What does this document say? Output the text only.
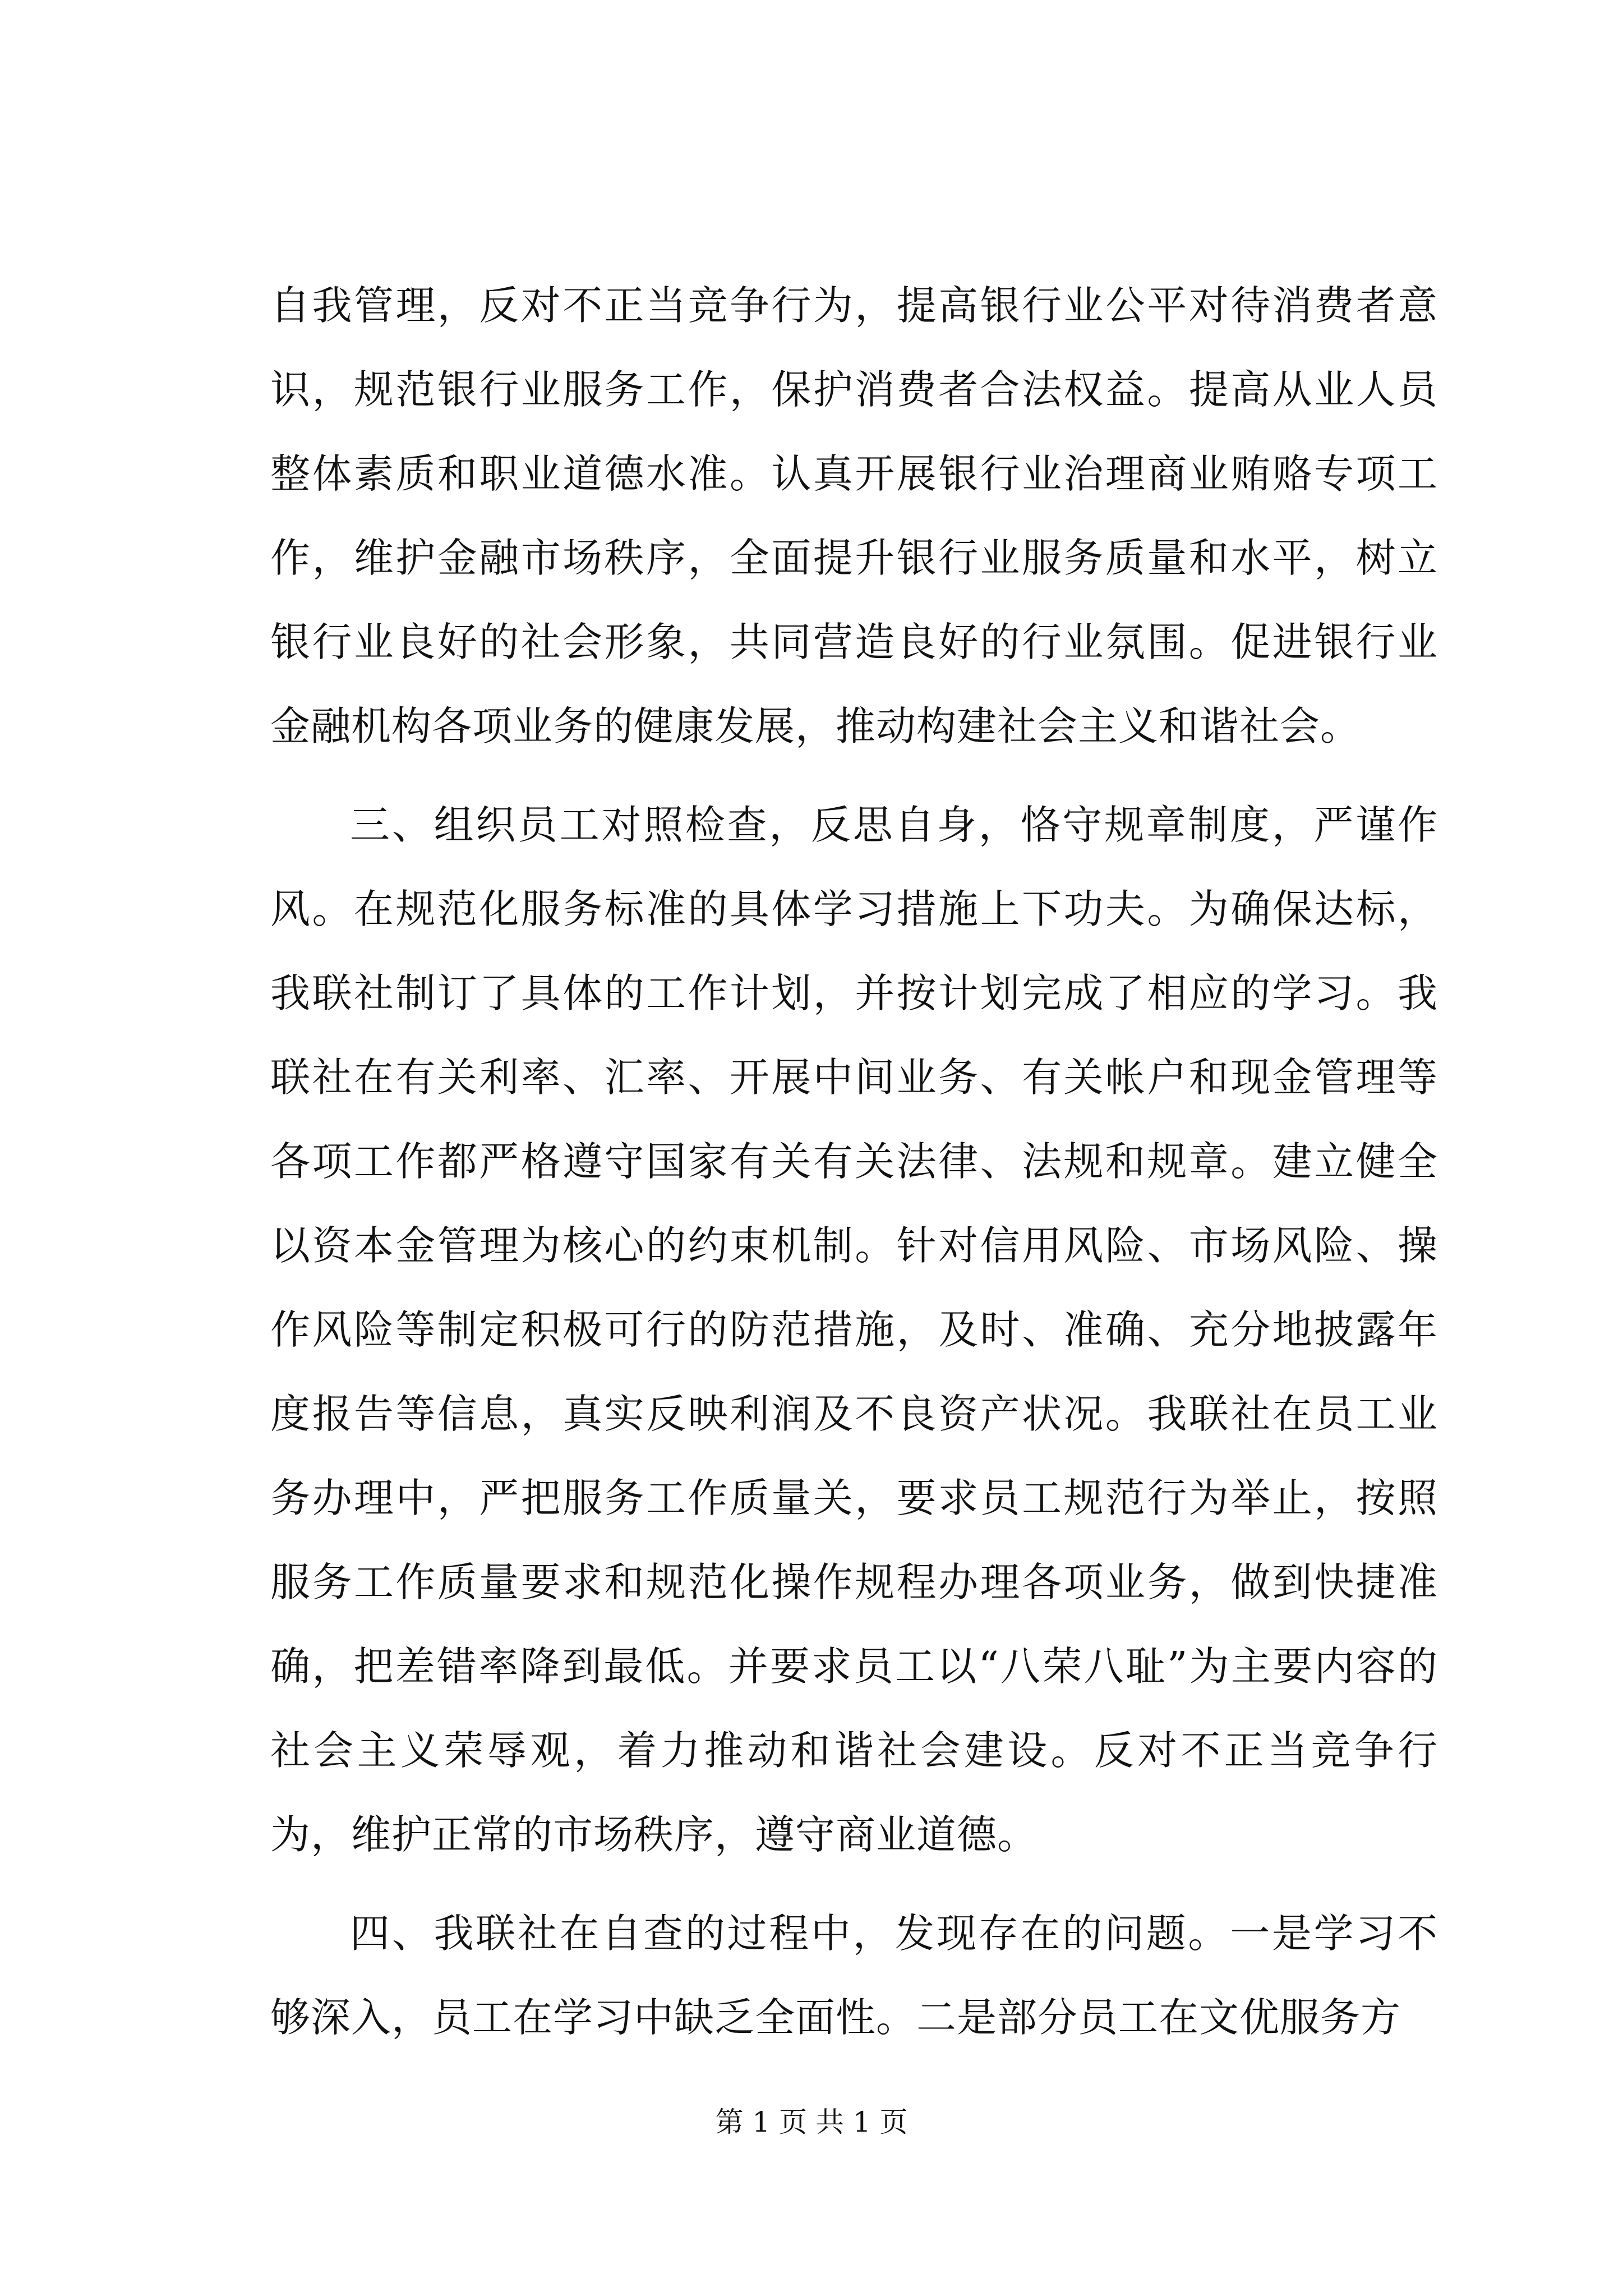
自我管理，反对不正当竞争行为，提高银行业公平对待消费者意识，规范银行业服务工作，保护消费者合法权益。提高从业人员整体素质和职业道德水准。认真开展银行业治理商业贿赂专项工作，维护金融市场秩序，全面提升银行业服务质量和水平，树立银行业良好的社会形象，共同营造良好的行业氛围。促进银行业金融机构各项业务的健康发展，推动构建社会主义和谐社会。

三、组织员工对照检查，反思自身，恪守规章制度，严谨作风。在规范化服务标准的具体学习措施上下功夫。为确保达标，我联社制订了具体的工作计划，并按计划完成了相应的学习。我联社在有关利率、汇率、开展中间业务、有关帐户和现金管理等各项工作都严格遵守国家有关有关法律、法规和规章。建立健全以资本金管理为核心的约束机制。针对信用风险、市场风险、操作风险等制定积极可行的防范措施，及时、准确、充分地披露年度报告等信息，真实反映利润及不良资产状况。我联社在员工业务办理中，严把服务工作质量关，要求员工规范行为举止，按照服务工作质量要求和规范化操作规程办理各项业务，做到快捷准确，把差错率降到最低。并要求员工以“八荣八耻”为主要内容的社会主义荣辱观，着力推动和谐社会建设。反对不正当竞争行为，维护正常的市场秩序，遵守商业道德。

四、我联社在自查的过程中，发现存在的问题。一是学习不够深入，员工在学习中缺乏全面性。二是部分员工在文优服务方

第 1 页 共 1 页
